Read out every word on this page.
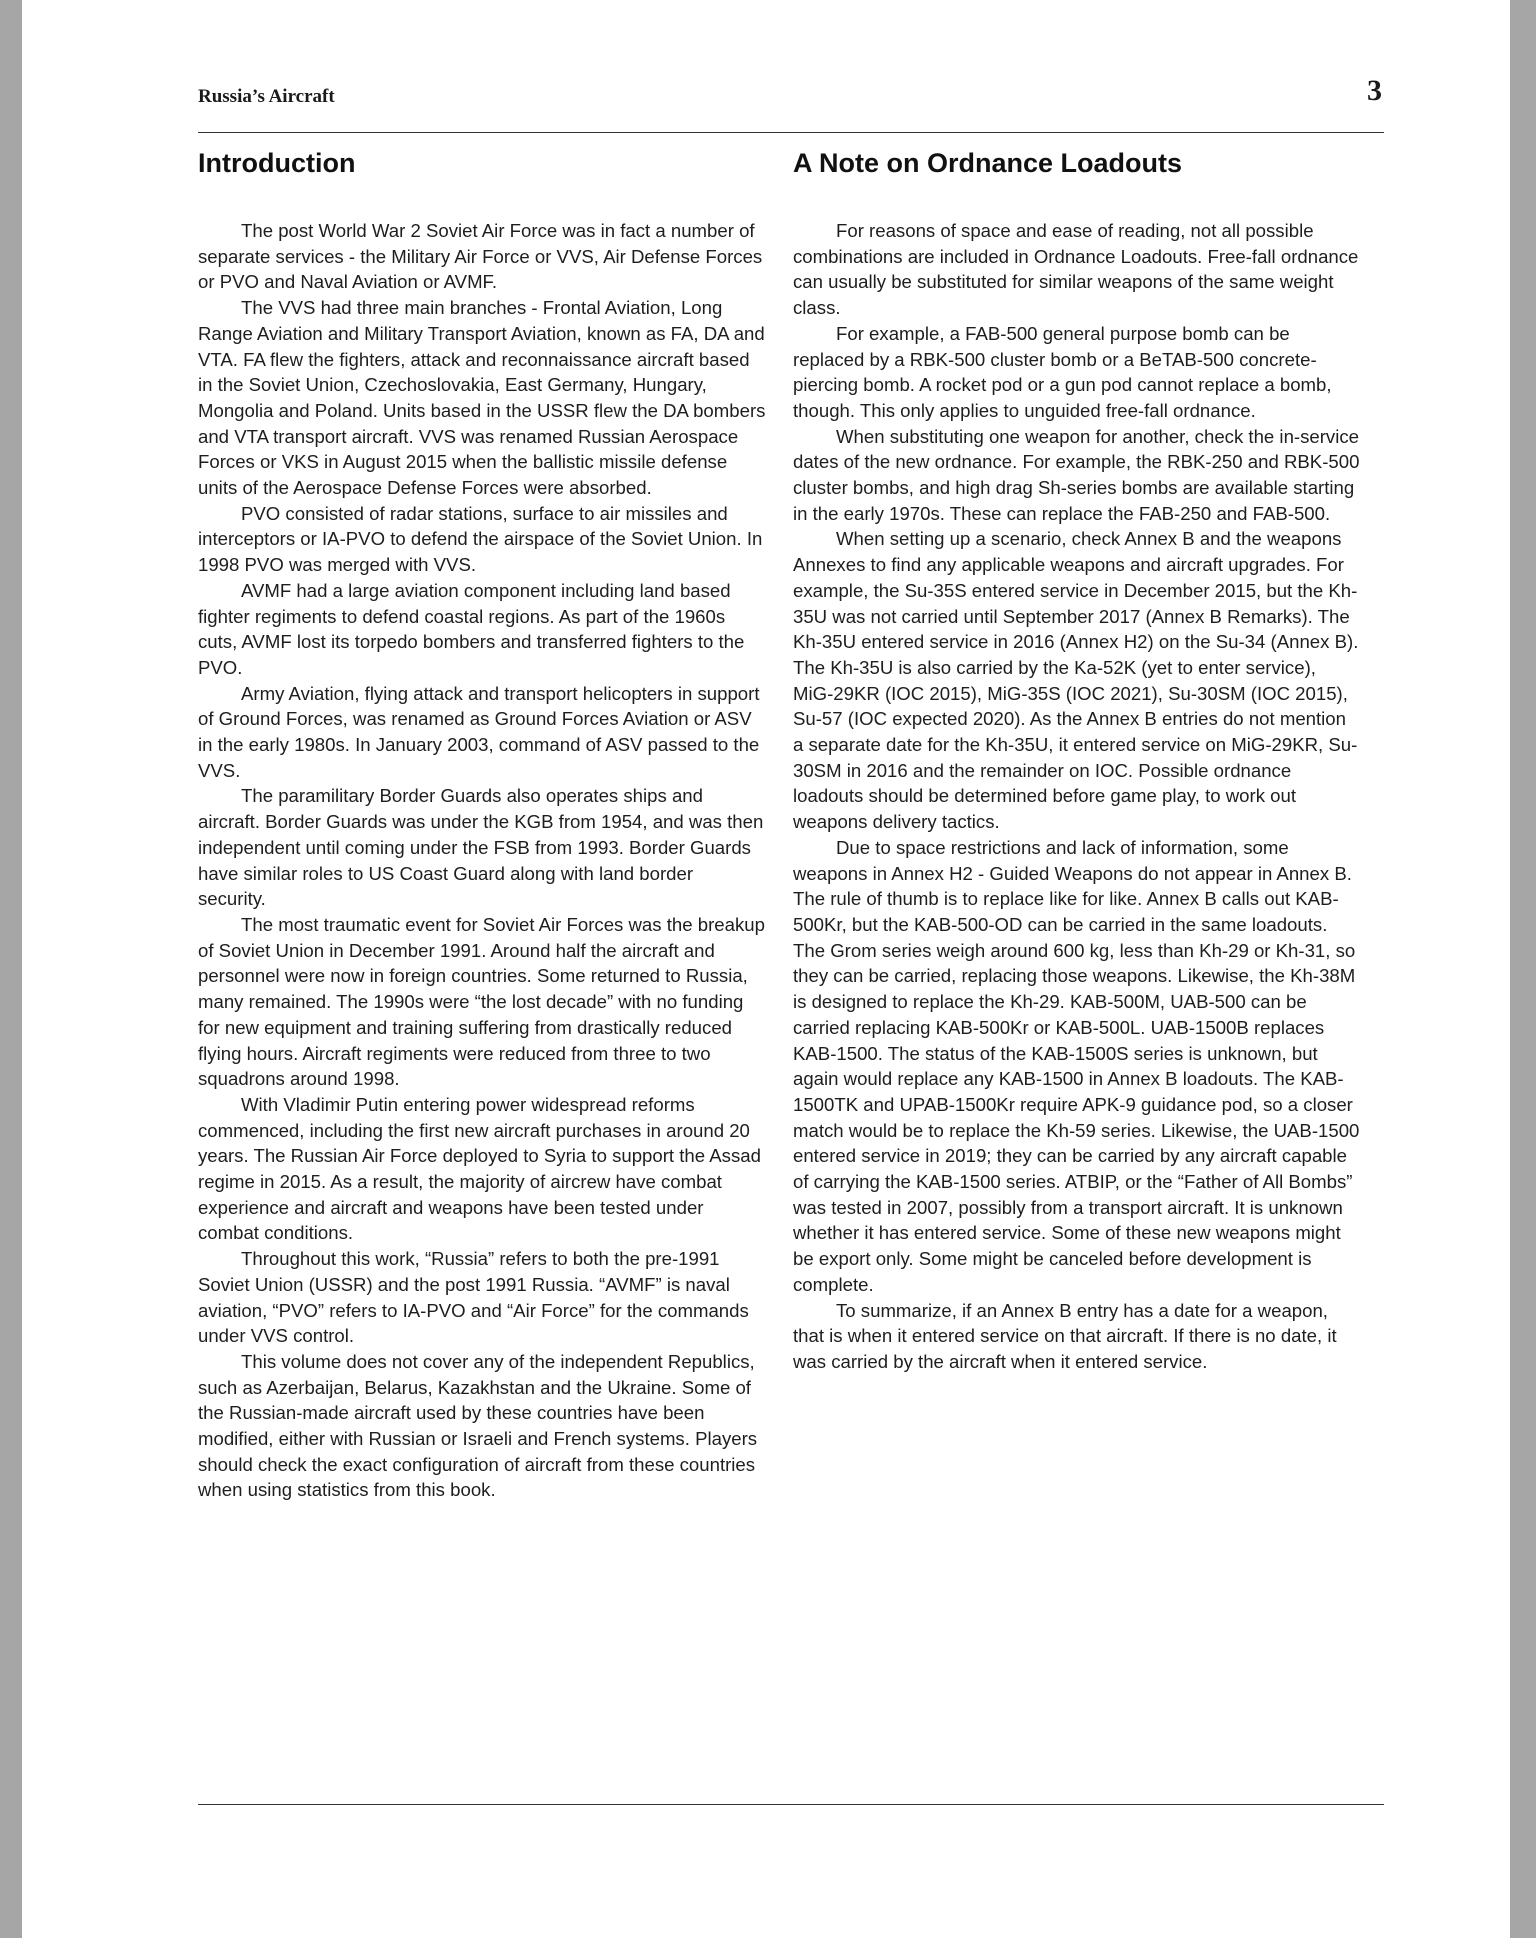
Russia’s Aircraft	3
Introduction

The post World War 2 Soviet Air Force was in fact a number of separate services - the Military Air Force or VVS, Air Defense Forces or PVO and Naval Aviation or AVMF.

The VVS had three main branches - Frontal Aviation, Long Range Aviation and Military Transport Aviation, known as FA, DA and VTA. FA flew the fighters, attack and reconnaissance aircraft based in the Soviet Union, Czechoslovakia, East Germany, Hungary, Mongolia and Poland. Units based in the USSR flew the DA bombers and VTA transport aircraft. VVS was renamed Russian Aerospace Forces or VKS in August 2015 when the ballistic missile defense units of the Aerospace Defense Forces were absorbed.

PVO consisted of radar stations, surface to air missiles and interceptors or IA-PVO to defend the airspace of the Soviet Union. In 1998 PVO was merged with VVS.

AVMF had a large aviation component including land based fighter regiments to defend coastal regions. As part of the 1960s cuts, AVMF lost its torpedo bombers and transferred fighters to the PVO.

Army Aviation, flying attack and transport helicopters in support of Ground Forces, was renamed as Ground Forces Aviation or ASV in the early 1980s. In January 2003, command of ASV passed to the VVS.

The paramilitary Border Guards also operates ships and aircraft. Border Guards was under the KGB from 1954, and was then independent until coming under the FSB from 1993. Border Guards have similar roles to US Coast Guard along with land border security.

The most traumatic event for Soviet Air Forces was the breakup of Soviet Union in December 1991. Around half the aircraft and personnel were now in foreign countries. Some returned to Russia, many remained. The 1990s were “the lost decade” with no funding for new equipment and training suffering from drastically reduced flying hours. Aircraft regiments were reduced from three to two squadrons around 1998.

With Vladimir Putin entering power widespread reforms commenced, including the first new aircraft purchases in around 20 years. The Russian Air Force deployed to Syria to support the Assad regime in 2015. As a result, the majority of aircrew have combat experience and aircraft and weapons have been tested under combat conditions.

Throughout this work, “Russia” refers to both the pre-1991 Soviet Union (USSR) and the post 1991 Russia. “AVMF” is naval aviation, “PVO” refers to IA-PVO and “Air Force” for the commands under VVS control.

This volume does not cover any of the independent Republics, such as Azerbaijan, Belarus, Kazakhstan and the Ukraine. Some of the Russian-made aircraft used by these countries have been modified, either with Russian or Israeli and French systems. Players should check the exact configuration of aircraft from these countries when using statistics from this book.

A Note on Ordnance Loadouts

For reasons of space and ease of reading, not all possible combinations are included in Ordnance Loadouts. Free-fall ordnance can usually be substituted for similar weapons of the same weight class.

For example, a FAB-500 general purpose bomb can be replaced by a RBK-500 cluster bomb or a BeTAB-500 concrete-piercing bomb. A rocket pod or a gun pod cannot replace a bomb, though. This only applies to unguided free-fall ordnance.

When substituting one weapon for another, check the in-service dates of the new ordnance. For example, the RBK-250 and RBK-500 cluster bombs, and high drag Sh-series bombs are available starting in the early 1970s. These can replace the FAB-250 and FAB-500.

When setting up a scenario, check Annex B and the weapons Annexes to find any applicable weapons and aircraft upgrades. For example, the Su-35S entered service in December 2015, but the Kh-35U was not carried until September 2017 (Annex B Remarks). The Kh-35U entered service in 2016 (Annex H2) on the Su-34 (Annex B). The Kh-35U is also carried by the Ka-52K (yet to enter service), MiG-29KR (IOC 2015), MiG-35S (IOC 2021), Su-30SM (IOC 2015), Su-57 (IOC expected 2020). As the Annex B entries do not mention a separate date for the Kh-35U, it entered service on MiG-29KR, Su-30SM in 2016 and the remainder on IOC. Possible ordnance loadouts should be determined before game play, to work out weapons delivery tactics.

Due to space restrictions and lack of information, some weapons in Annex H2 - Guided Weapons do not appear in Annex B. The rule of thumb is to replace like for like. Annex B calls out KAB-500Kr, but the KAB-500-OD can be carried in the same loadouts. The Grom series weigh around 600 kg, less than Kh-29 or Kh-31, so they can be carried, replacing those weapons. Likewise, the Kh-38M is designed to replace the Kh-29. KAB-500M, UAB-500 can be carried replacing KAB-500Kr or KAB-500L. UAB-1500B replaces KAB-1500. The status of the KAB-1500S series is unknown, but again would replace any KAB-1500 in Annex B loadouts. The KAB-1500TK and UPAB-1500Kr require APK-9 guidance pod, so a closer match would be to replace the Kh-59 series. Likewise, the UAB-1500 entered service in 2019; they can be carried by any aircraft capable of carrying the KAB-1500 series. ATBIP, or the “Father of All Bombs” was tested in 2007, possibly from a transport aircraft. It is unknown whether it has entered service. Some of these new weapons might be export only. Some might be canceled before development is complete.

To summarize, if an Annex B entry has a date for a weapon, that is when it entered service on that aircraft. If there is no date, it was carried by the aircraft when it entered service.
